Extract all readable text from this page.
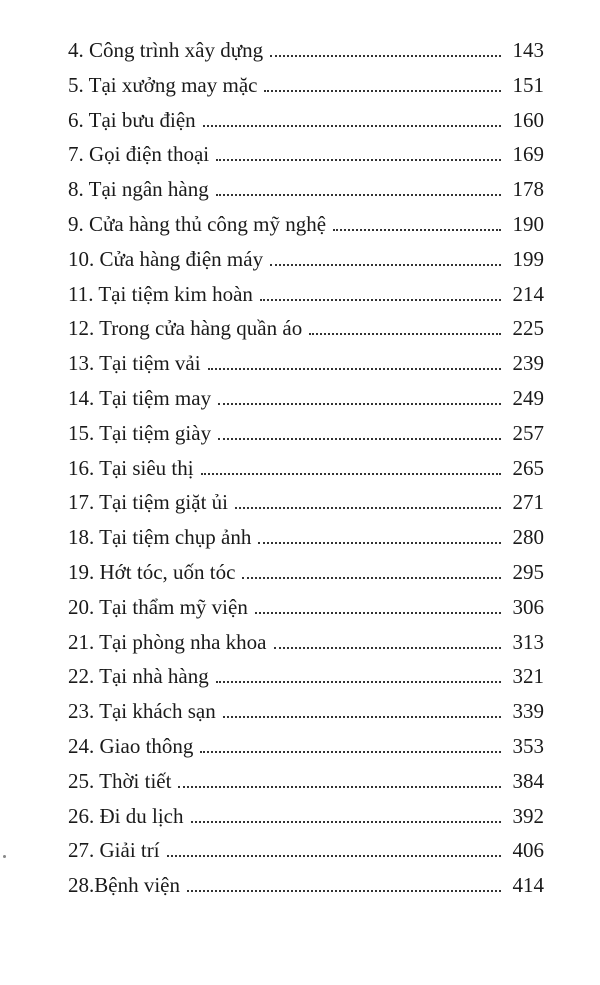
4. Công trình xây dựng	143
5. Tại xưởng may mặc	151
6. Tại bưu điện	160
7. Gọi điện thoại	169
8. Tại ngân hàng	178
9. Cửa hàng thủ công mỹ nghệ	190
10. Cửa hàng điện máy	199
11. Tại tiệm kim hoàn	214
12. Trong cửa hàng quần áo	225
13. Tại tiệm vải	239
14. Tại tiệm may	249
15. Tại tiệm giày	257
16. Tại siêu thị	265
17. Tại tiệm giặt ủi	271
18. Tại tiệm chụp ảnh	280
19. Hớt tóc, uốn tóc	295
20. Tại thẩm mỹ viện	306
21. Tại phòng nha khoa	313
22. Tại nhà hàng	321
23. Tại khách sạn	339
24. Giao thông	353
25. Thời tiết	384
26. Đi du lịch	392
27. Giải trí	406
28.Bệnh viện	414
